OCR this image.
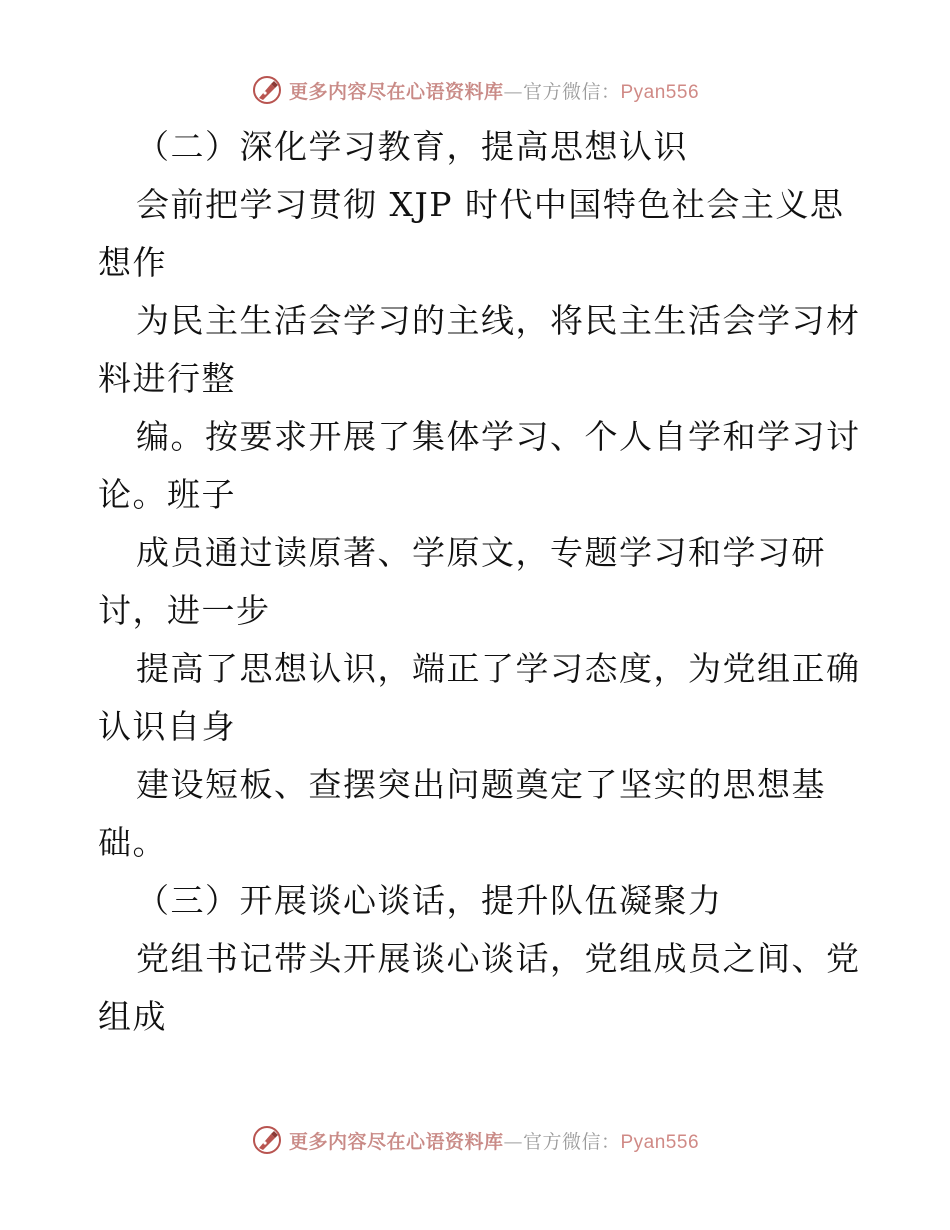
更多内容尽在心语资料库—官方微信：Pyan556
（二）深化学习教育，提高思想认识
会前把学习贯彻 XJP 时代中国特色社会主义思
想作
为民主生活会学习的主线，将民主生活会学习材
料进行整
编。按要求开展了集体学习、个人自学和学习讨
论。班子
成员通过读原著、学原文，专题学习和学习研
讨，进一步
提高了思想认识，端正了学习态度，为党组正确
认识自身
建设短板、查摆突出问题奠定了坚实的思想基
础。
（三）开展谈心谈话，提升队伍凝聚力
党组书记带头开展谈心谈话，党组成员之间、党
组成
更多内容尽在心语资料库—官方微信：Pyan556
